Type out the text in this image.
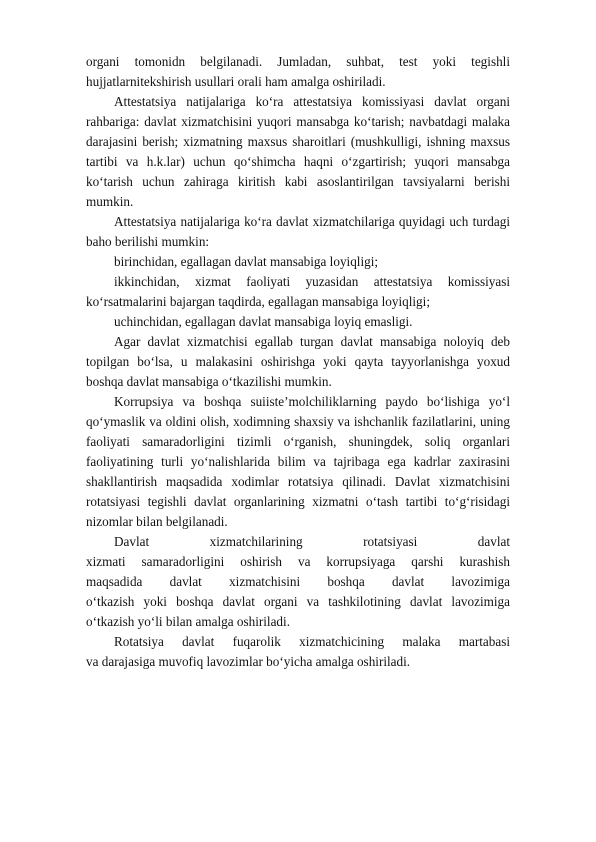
organi tomonidn belgilanadi. Jumladan, suhbat, test yoki tegishli
hujjatlarnitekshirish usullari orali ham amalga oshiriladi.

Attestatsiya natijalariga ko‘ra attestatsiya komissiyasi davlat organi rahbariga: davlat xizmatchisini yuqori mansabga ko‘tarish; navbatdagi malaka darajasini berish; xizmatning maxsus sharoitlari (mushkulligi, ishning maxsus tartibi va h.k.lar) uchun qo‘shimcha haqni o‘zgartirish; yuqori mansabga ko‘tarish uchun zahiraga kiritish kabi asoslantirilgan tavsiyalarni berishi mumkin.

Attestatsiya natijalariga ko‘ra davlat xizmatchilariga quyidagi uch turdagi baho berilishi mumkin:

birinchidan, egallagan davlat mansabiga loyiqligi;

ikkinchidan, xizmat faoliyati yuzasidan attestatsiya komissiyasi ko‘rsatmalarini bajargan taqdirda, egallagan mansabiga loyiqligi;

uchinchidan, egallagan davlat mansabiga loyiq emasligi.

Agar davlat xizmatchisi egallab turgan davlat mansabiga noloyiq deb topilgan bo‘lsa, u malakasini oshirishga yoki qayta tayyorlanishga yoxud boshqa davlat mansabiga o‘tkazilishi mumkin.

Korrupsiya va boshqa suiiste’molchiliklarning paydo bo‘lishiga yo‘l qo‘ymaslik va oldini olish, xodimning shaxsiy va ishchanlik fazilatlarini, uning faoliyati samaradorligini tizimli o‘rganish, shuningdek, soliq organlari faoliyatining turli yo‘nalishlarida bilim va tajribaga ega kadrlar zaxirasini shakllantirish maqsadida xodimlar rotatsiya qilinadi. Davlat xizmatchisini rotatsiyasi tegishli davlat organlarining xizmatni o‘tash tartibi to‘g‘risidagi nizomlar bilan belgilanadi.

Davlat xizmatchilarining rotatsiyasi davlat
xizmati samaradorligini oshirish va korrupsiyaga qarshi kurashish
maqsadida davlat xizmatchisini boshqa davlat lavozimiga
o‘tkazish yoki boshqa davlat organi va tashkilotining davlat lavozimiga
o‘tkazish yo‘li bilan amalga oshiriladi.
Rotatsiya davlat fuqarolik xizmatchicining malaka martabasi
va darajasiga muvofiq lavozimlar bo‘yicha amalga oshiriladi.
